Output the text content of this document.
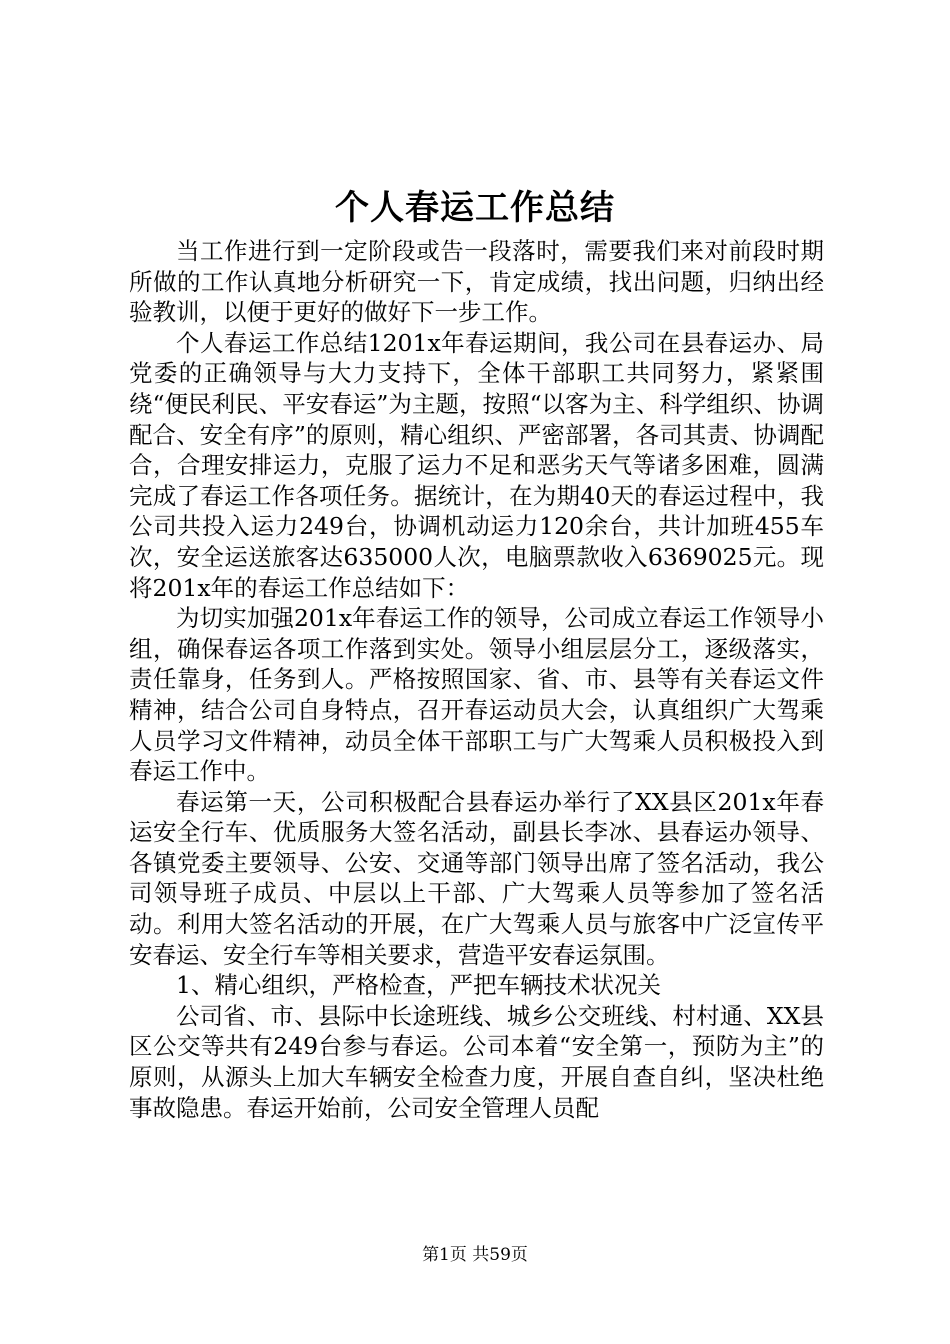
个人春运工作总结

当工作进行到一定阶段或告一段落时，需要我们来对前段时期所做的工作认真地分析研究一下，肯定成绩，找出问题，归纳出经验教训，以便于更好的做好下一步工作。

个人春运工作总结1201x年春运期间，我公司在县春运办、局党委的正确领导与大力支持下，全体干部职工共同努力，紧紧围绕“便民利民、平安春运”为主题，按照“以客为主、科学组织、协调配合、安全有序”的原则，精心组织、严密部署，各司其责、协调配合，合理安排运力，克服了运力不足和恶劣天气等诸多困难，圆满完成了春运工作各项任务。据统计，在为期40天的春运过程中，我公司共投入运力249台，协调机动运力120余台，共计加班455车次，安全运送旅客达635000人次，电脑票款收入6369025元。现将201x年的春运工作总结如下：

为切实加强201x年春运工作的领导，公司成立春运工作领导小组，确保春运各项工作落到实处。领导小组层层分工，逐级落实，责任靠身，任务到人。严格按照国家、省、市、县等有关春运文件精神，结合公司自身特点，召开春运动员大会，认真组织广大驾乘人员学习文件精神，动员全体干部职工与广大驾乘人员积极投入到春运工作中。

春运第一天，公司积极配合县春运办举行了XX县区201x年春运安全行车、优质服务大签名活动，副县长李冰、县春运办领导、各镇党委主要领导、公安、交通等部门领导出席了签名活动，我公司领导班子成员、中层以上干部、广大驾乘人员等参加了签名活动。利用大签名活动的开展，在广大驾乘人员与旅客中广泛宣传平安春运、安全行车等相关要求，营造平安春运氛围。

1、精心组织，严格检查，严把车辆技术状况关

公司省、市、县际中长途班线、城乡公交班线、村村通、XX县区公交等共有249台参与春运。公司本着“安全第一，预防为主”的原则，从源头上加大车辆安全检查力度，开展自查自纠，坚决杜绝事故隐患。春运开始前，公司安全管理人员配

第1页 共59页
